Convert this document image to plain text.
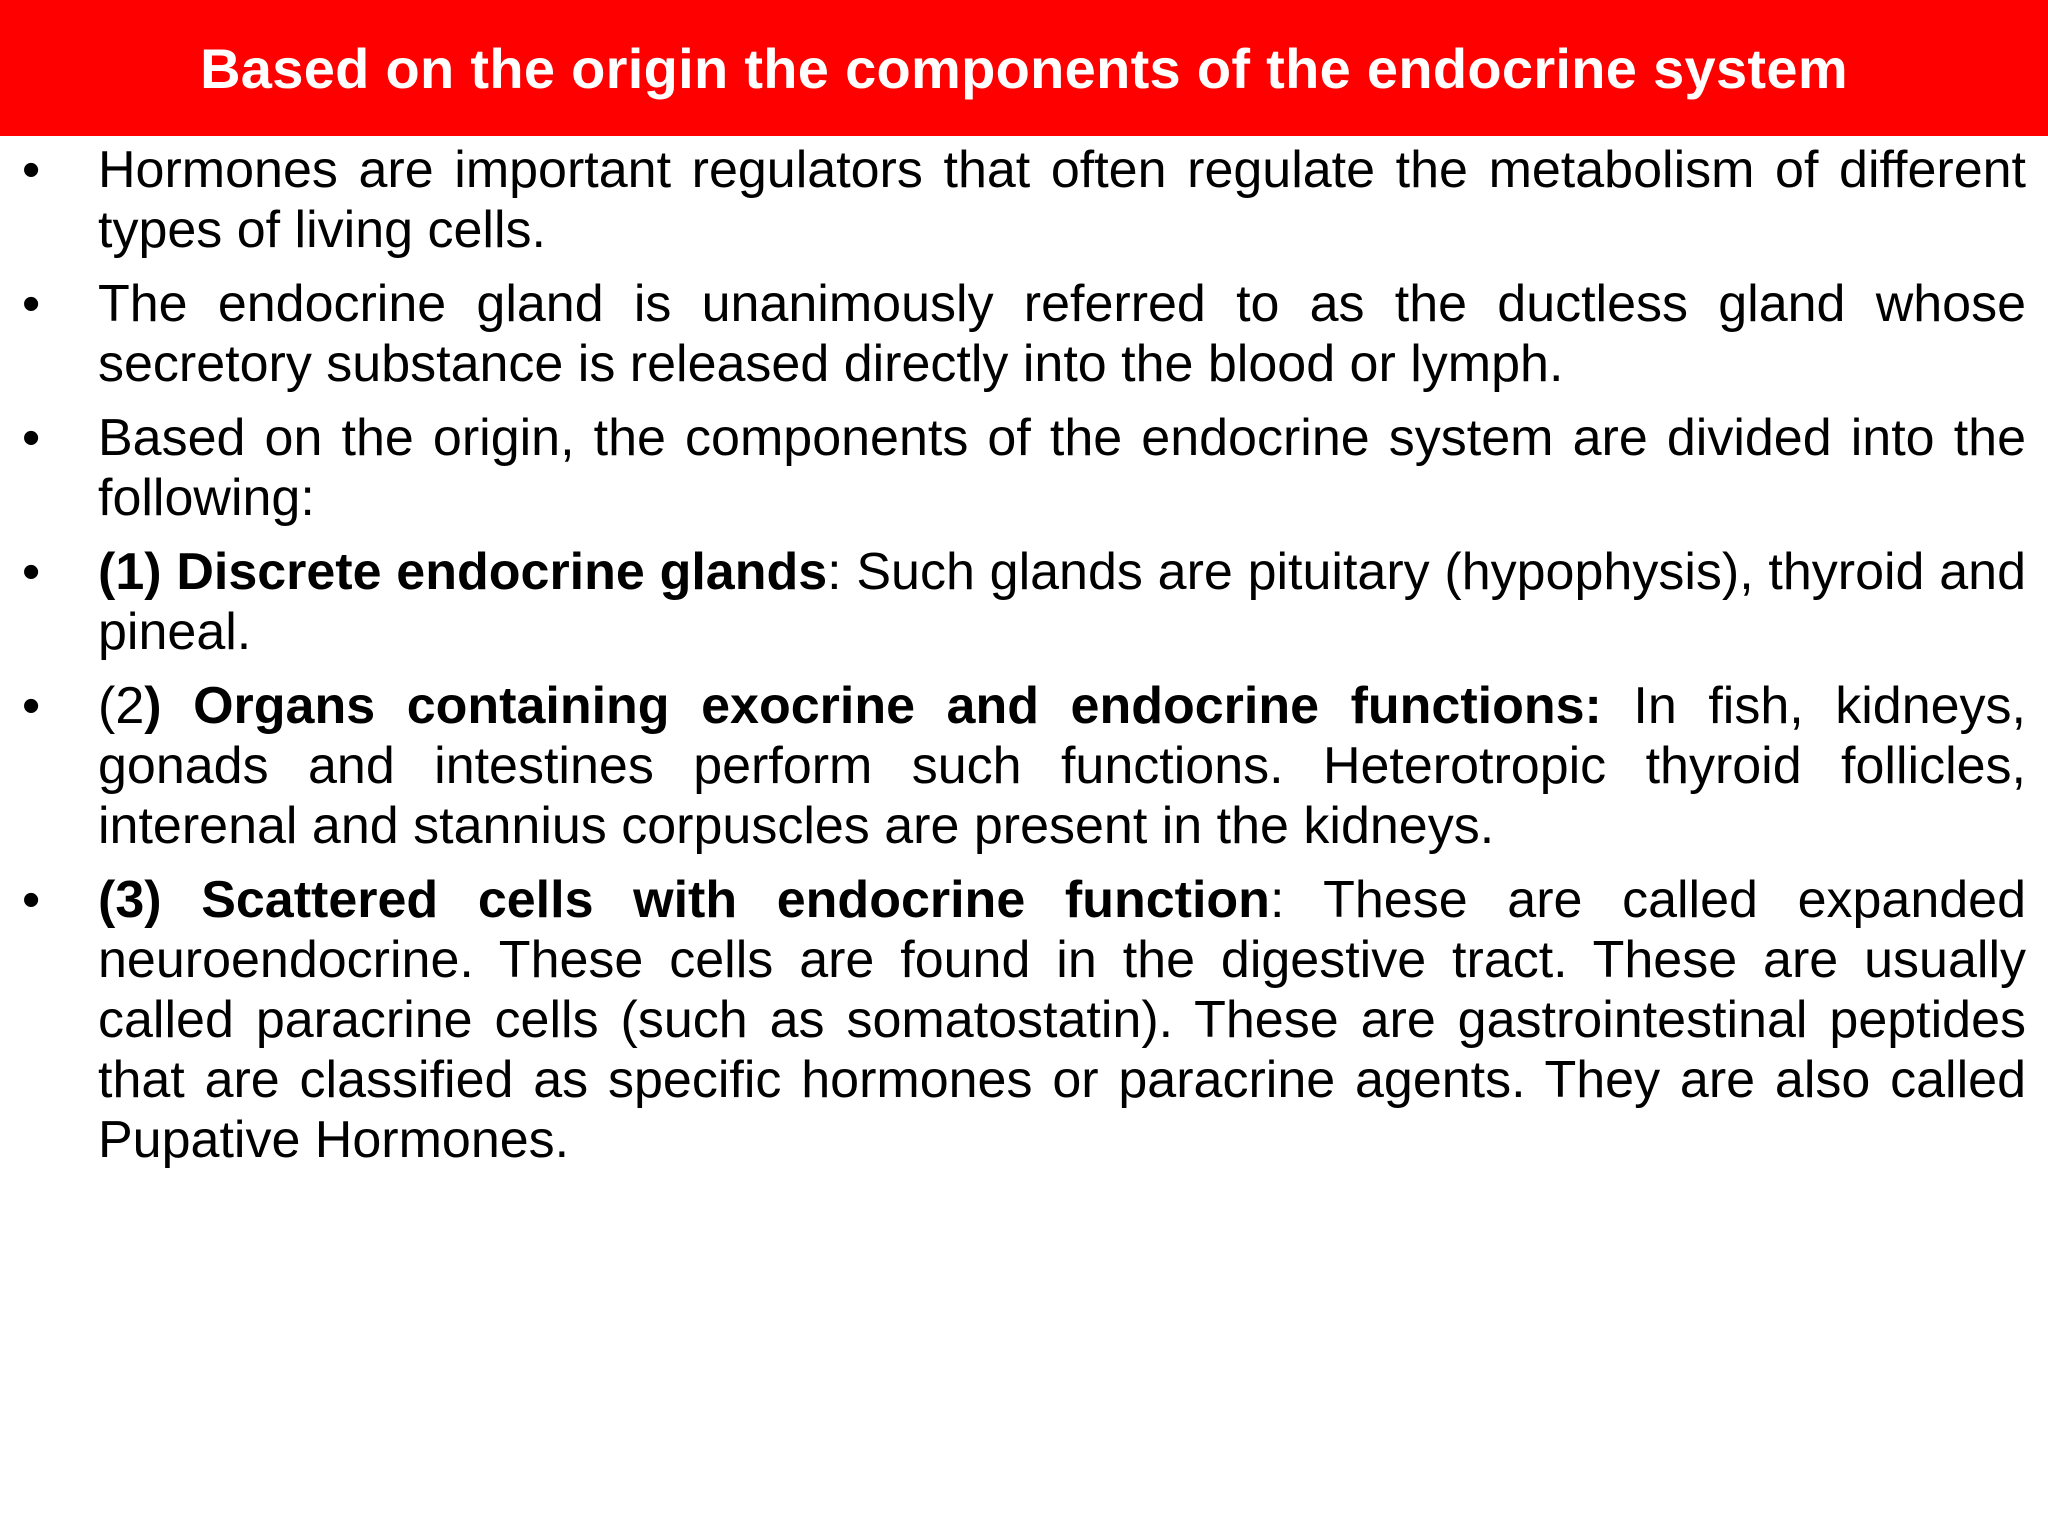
Based on the origin the components of the endocrine system
• Hormones are important regulators that often regulate the metabolism of different types of living cells.
• The endocrine gland is unanimously referred to as the ductless gland whose secretory substance is released directly into the blood or lymph.
• Based on the origin, the components of the endocrine system are divided into the following:
• (1) Discrete endocrine glands: Such glands are pituitary (hypophysis), thyroid and pineal.
• (2) Organs containing exocrine and endocrine functions: In fish, kidneys, gonads and intestines perform such functions. Heterotropic thyroid follicles, interenal and stannius corpuscles are present in the kidneys.
• (3) Scattered cells with endocrine function: These are called expanded neuroendocrine. These cells are found in the digestive tract. These are usually called paracrine cells (such as somatostatin). These are gastrointestinal peptides that are classified as specific hormones or paracrine agents. They are also called Pupative Hormones.
